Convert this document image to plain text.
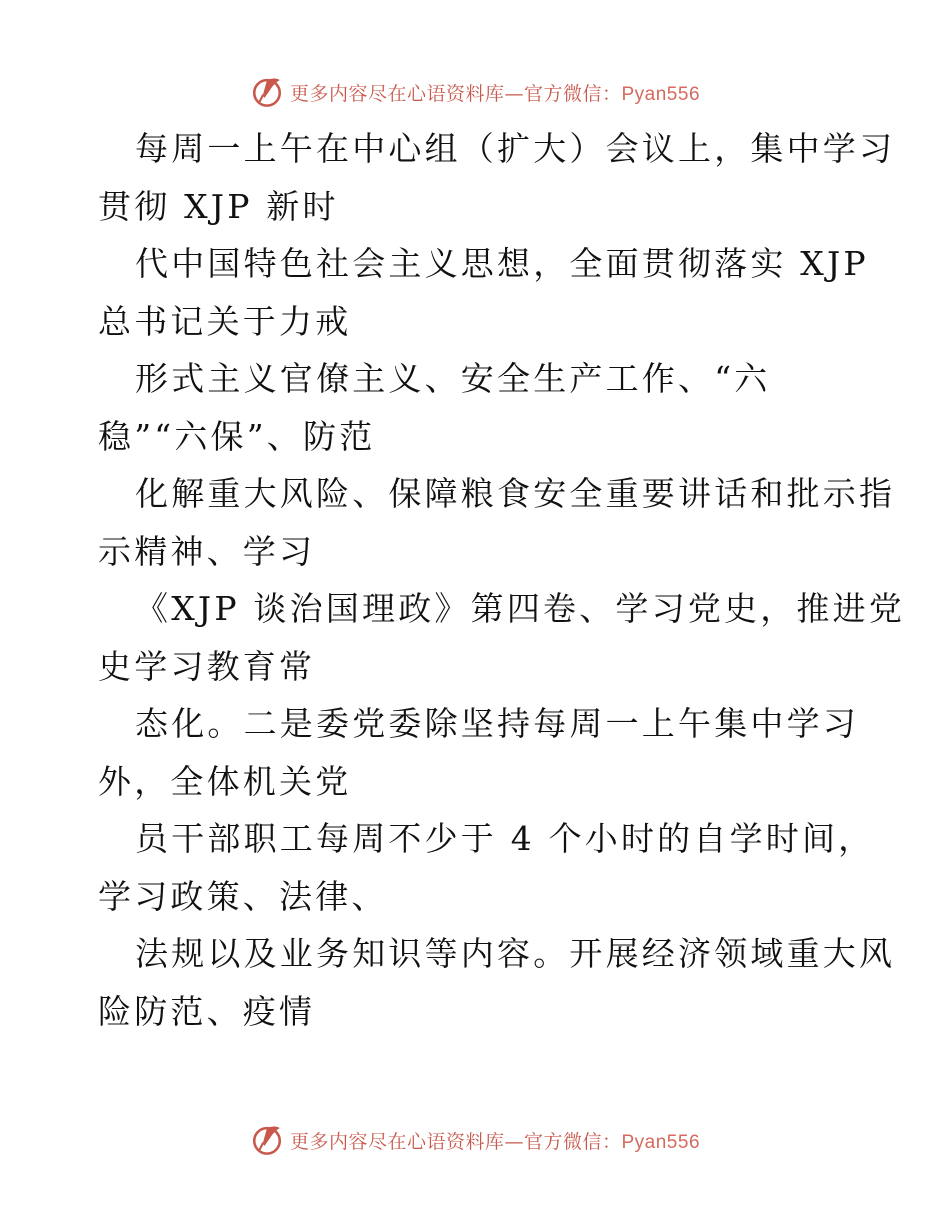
更多内容尽在心语资料库—官方微信：Pyan556
每周一上午在中心组（扩大）会议上，集中学习
贯彻 XJP 新时
代中国特色社会主义思想，全面贯彻落实 XJP
总书记关于力戒
形式主义官僚主义、安全生产工作、“六
稳”“六保”、防范
化解重大风险、保障粮食安全重要讲话和批示指
示精神、学习
《XJP 谈治国理政》第四卷、学习党史，推进党
史学习教育常
态化。二是委党委除坚持每周一上午集中学习
外，全体机关党
员干部职工每周不少于 4 个小时的自学时间，
学习政策、法律、
法规以及业务知识等内容。开展经济领域重大风
险防范、疫情
更多内容尽在心语资料库—官方微信：Pyan556
